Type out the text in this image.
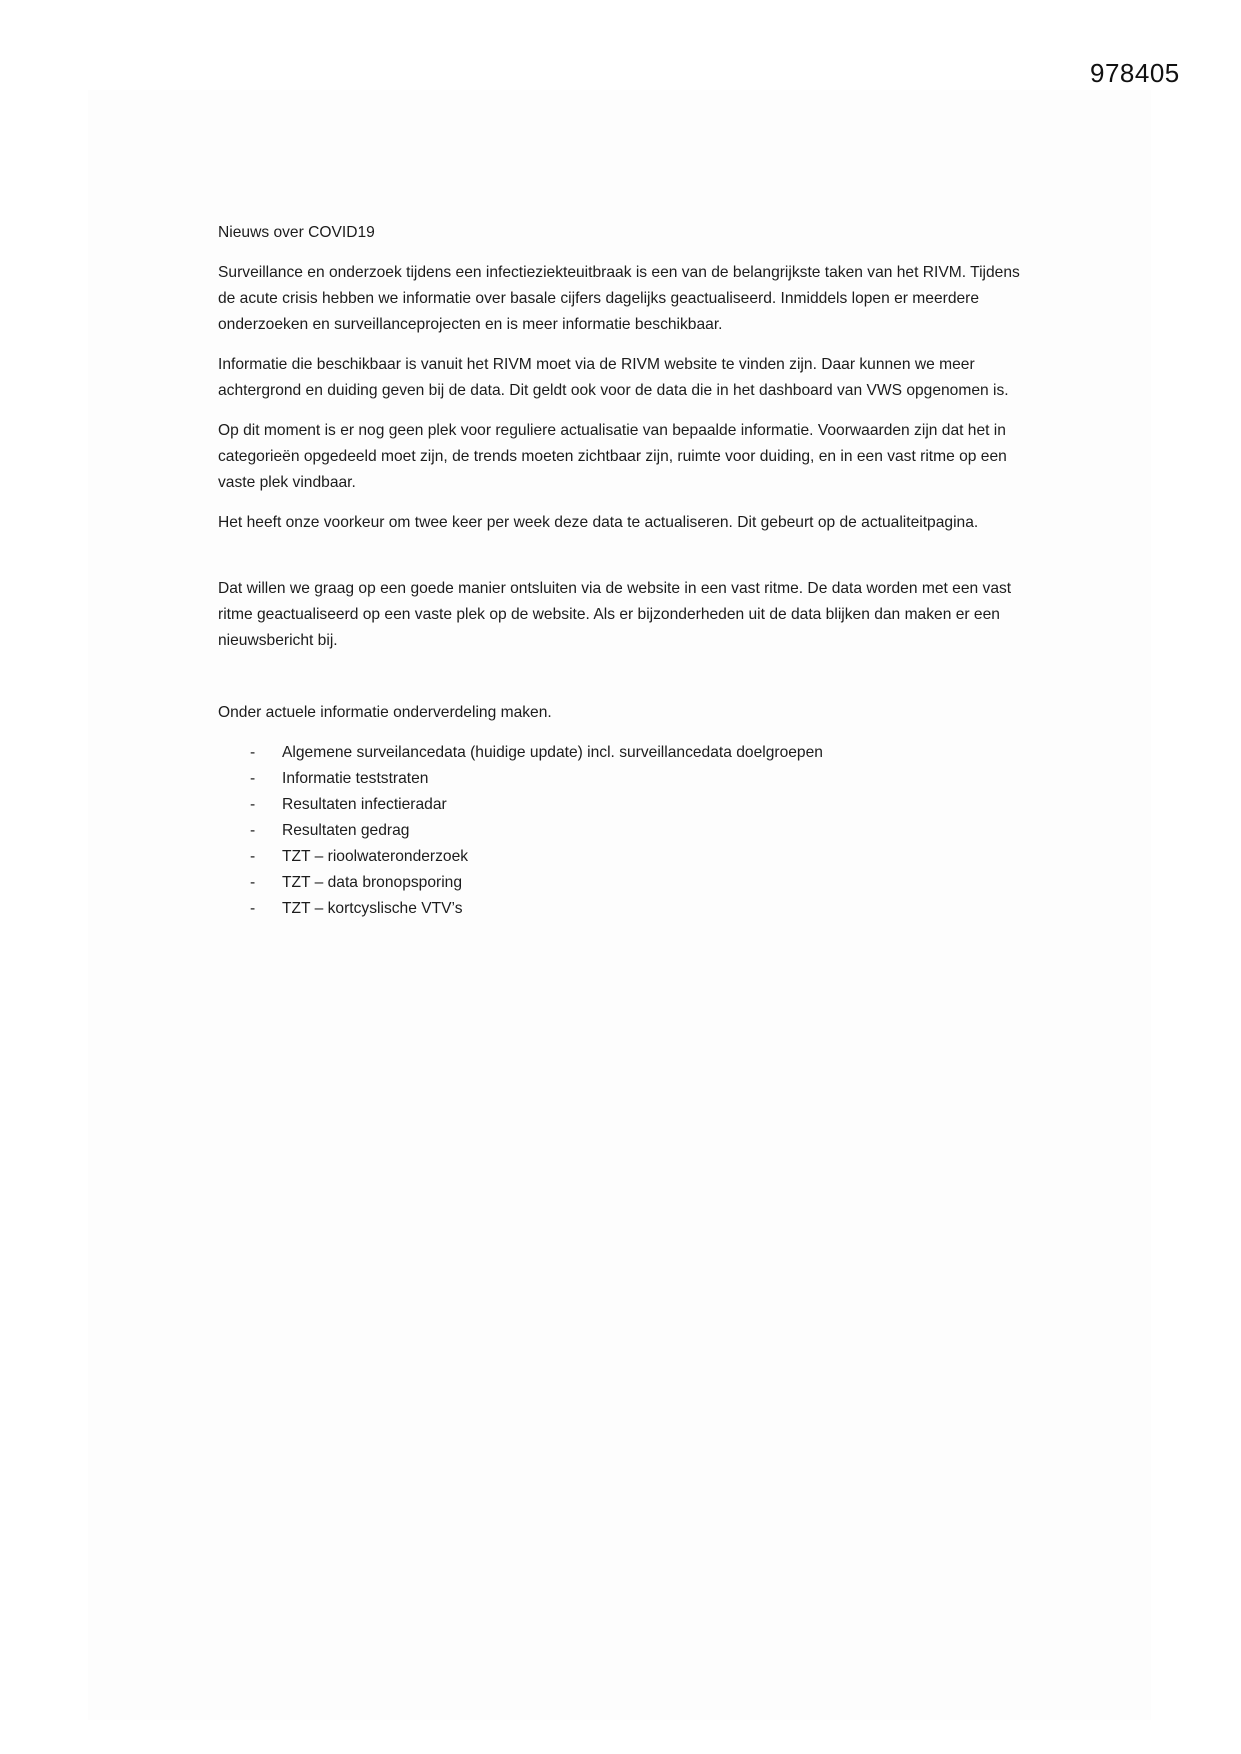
978405

Nieuws over COVID19

Surveillance en onderzoek tijdens een infectieziekteuitbraak is een van de belangrijkste taken van het RIVM. Tijdens de acute crisis hebben we informatie over basale cijfers dagelijks geactualiseerd. Inmiddels lopen er meerdere onderzoeken en surveillanceprojecten en is meer informatie beschikbaar.

Informatie die beschikbaar is vanuit het RIVM moet via de RIVM website te vinden zijn. Daar kunnen we meer achtergrond en duiding geven bij de data. Dit geldt ook voor de data die in het dashboard van VWS opgenomen is.

Op dit moment is er nog geen plek voor reguliere actualisatie van bepaalde informatie. Voorwaarden zijn dat het in categorieën opgedeeld moet zijn, de trends moeten zichtbaar zijn, ruimte voor duiding, en in een vast ritme op een vaste plek vindbaar.

Het heeft onze voorkeur om twee keer per week deze data te actualiseren. Dit gebeurt op de actualiteitpagina.

Dat willen we graag op een goede manier ontsluiten via de website in een vast ritme. De data worden met een vast ritme geactualiseerd op een vaste plek op de website. Als er bijzonderheden uit de data blijken dan maken er een nieuwsbericht bij.

Onder actuele informatie onderverdeling maken.

- Algemene surveilancedata (huidige update) incl. surveillancedata doelgroepen
- Informatie teststraten
- Resultaten infectieradar
- Resultaten gedrag
- TZT – rioolwateronderzoek
- TZT – data bronopsporing
- TZT – kortcyslische VTV’s
